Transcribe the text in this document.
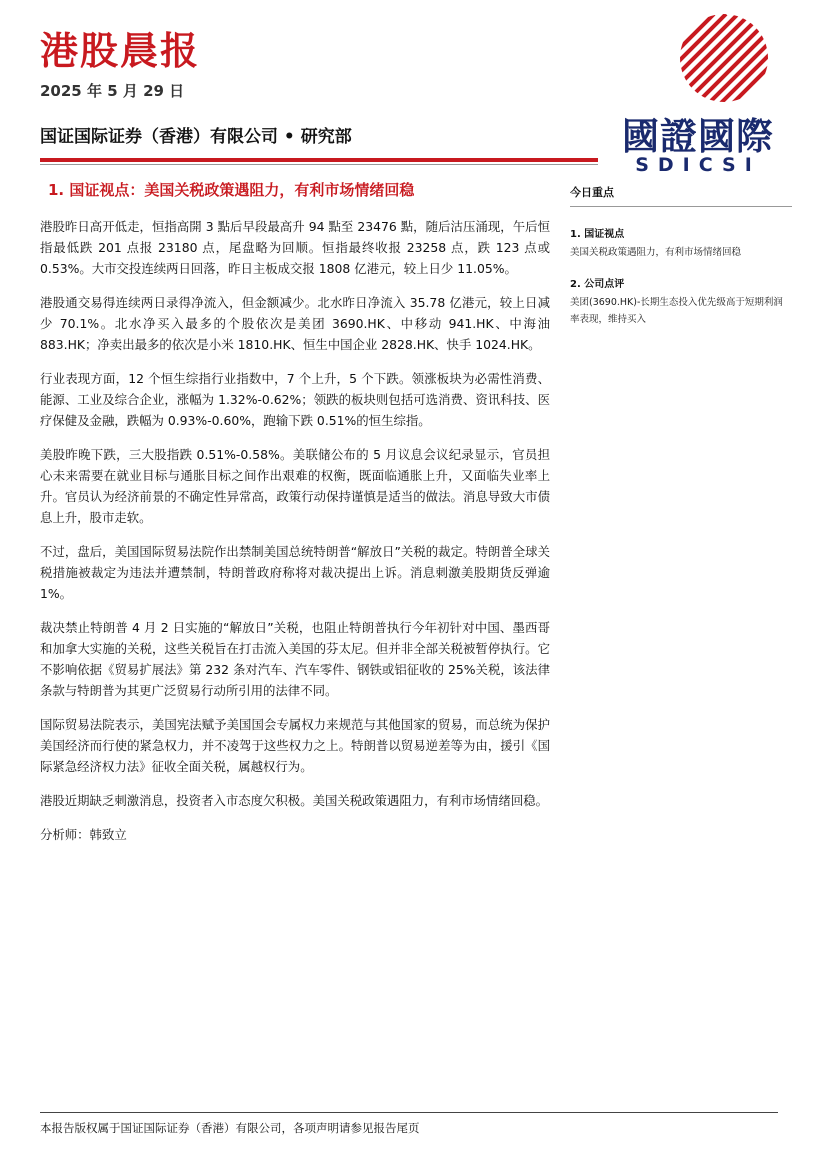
港股晨报
2025 年 5 月 29 日
国证国际证券（香港）有限公司 • 研究部	國證國際
SDICSI
1. 国证视点：美国关税政策遇阻力，有利市场情绪回稳

港股昨日高开低走，恒指高開 3 點后早段最高升 94 點至 23476 點，随后沽压涌现，午后恒指最低跌 201 点报 23180 点，尾盘略为回顺。恒指最终收报 23258 点，跌 123 点或 0.53%。大市交投连续两日回落，昨日主板成交报 1808 亿港元，较上日少 11.05%。

港股通交易得连续两日录得净流入，但金额减少。北水昨日净流入 35.78 亿港元，较上日减少 70.1%。北水净买入最多的个股依次是美团 3690.HK、中移动 941.HK、中海油 883.HK；净卖出最多的依次是小米 1810.HK、恒生中国企业 2828.HK、快手 1024.HK。

行业表现方面，12 个恒生综指行业指数中，7 个上升，5 个下跌。领涨板块为必需性消费、能源、工业及综合企业，涨幅为 1.32%-0.62%；领跌的板块则包括可选消费、资讯科技、医疗保健及金融，跌幅为 0.93%-0.60%，跑输下跌 0.51%的恒生综指。

美股昨晚下跌，三大股指跌 0.51%-0.58%。美联储公布的 5 月议息会议纪录显示，官员担心未来需要在就业目标与通胀目标之间作出艰难的权衡，既面临通胀上升，又面临失业率上升。官员认为经济前景的不确定性异常高，政策行动保持谨慎是适当的做法。消息导致大市债息上升，股市走软。

不过，盘后，美国国际贸易法院作出禁制美国总统特朗普“解放日”关税的裁定。特朗普全球关税措施被裁定为违法并遭禁制，特朗普政府称将对裁决提出上诉。消息刺激美股期货反弹逾 1%。

裁决禁止特朗普 4 月 2 日实施的“解放日”关税，也阻止特朗普执行今年初针对中国、墨西哥和加拿大实施的关税，这些关税旨在打击流入美国的芬太尼。但并非全部关税被暂停执行。它不影响依据《贸易扩展法》第 232 条对汽车、汽车零件、钢铁或铝征收的 25%关税，该法律条款与特朗普为其更广泛贸易行动所引用的法律不同。

国际贸易法院表示，美国宪法赋予美国国会专属权力来规范与其他国家的贸易，而总统为保护美国经济而行使的紧急权力，并不凌驾于这些权力之上。特朗普以贸易逆差等为由，援引《国际紧急经济权力法》征收全面关税，属越权行为。

港股近期缺乏刺激消息，投资者入市态度欠积极。美国关税政策遇阻力，有利市场情绪回稳。

分析师：韩致立

今日重点
1. 国证视点
美国关税政策遇阻力，有利市场情绪回稳
2. 公司点评
美团(3690.HK)-长期生态投入优先级高于短期利润率表现，维持买入
本报告版权属于国证国际证券（香港）有限公司，各项声明请参见报告尾页
